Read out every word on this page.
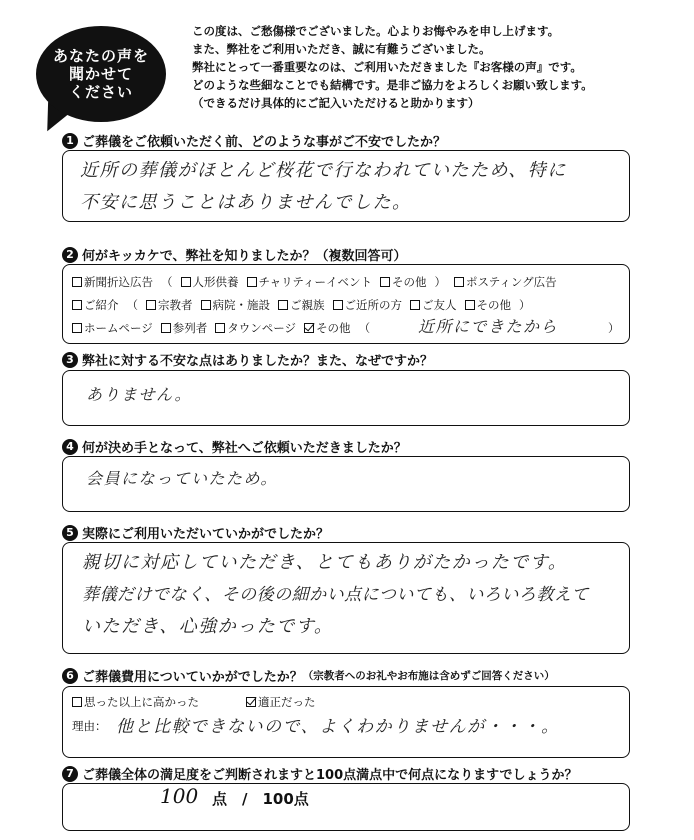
あなたの声を
聞かせて
ください
この度は、ご愁傷様でございました。心よりお悔やみを申し上げます。
また、弊社をご利用いただき、誠に有難うございました。
弊社にとって一番重要なのは、ご利用いただきました『お客様の声』です。
どのような些細なことでも結構です。是非ご協力をよろしくお願い致します。
（できるだけ具体的にご記入いただけると助かります）
1 ご葬儀をご依頼いただく前、どのような事がご不安でしたか？
近所の葬儀がほとんど桜花で行なわれていたため、特に
不安に思うことはありませんでした。
2 何がキッカケで、弊社を知りましたか？（複数回答可）
新聞折込広告 （ 人形供養 チャリティーイベント その他 ） ポスティング広告
ご紹介 （ 宗教者 病院・施設 ご親族 ご近所の方 ご友人 その他 ）
ホームページ 参列者 タウンページ その他 （	近所にできたから	）
3 弊社に対する不安な点はありましたか？また、なぜですか？
ありません。
4 何が決め手となって、弊社へご依頼いただきましたか？
会員になっていたため。
5 実際にご利用いただいていかがでしたか？
親切に対応していただき、とてもありがたかったです。
葬儀だけでなく、その後の細かい点についても、いろいろ教えて
いただき、心強かったです。
6 ご葬儀費用についていかがでしたか？ （宗教者へのお礼やお布施は含めずご回答ください）
思った以上に高かった	適正だった
理由： 他と比較できないので、よくわかりませんが・・・。
7 ご葬儀全体の満足度をご判断されますと100点満点中で何点になりますでしょうか？
100 点　/　100点
